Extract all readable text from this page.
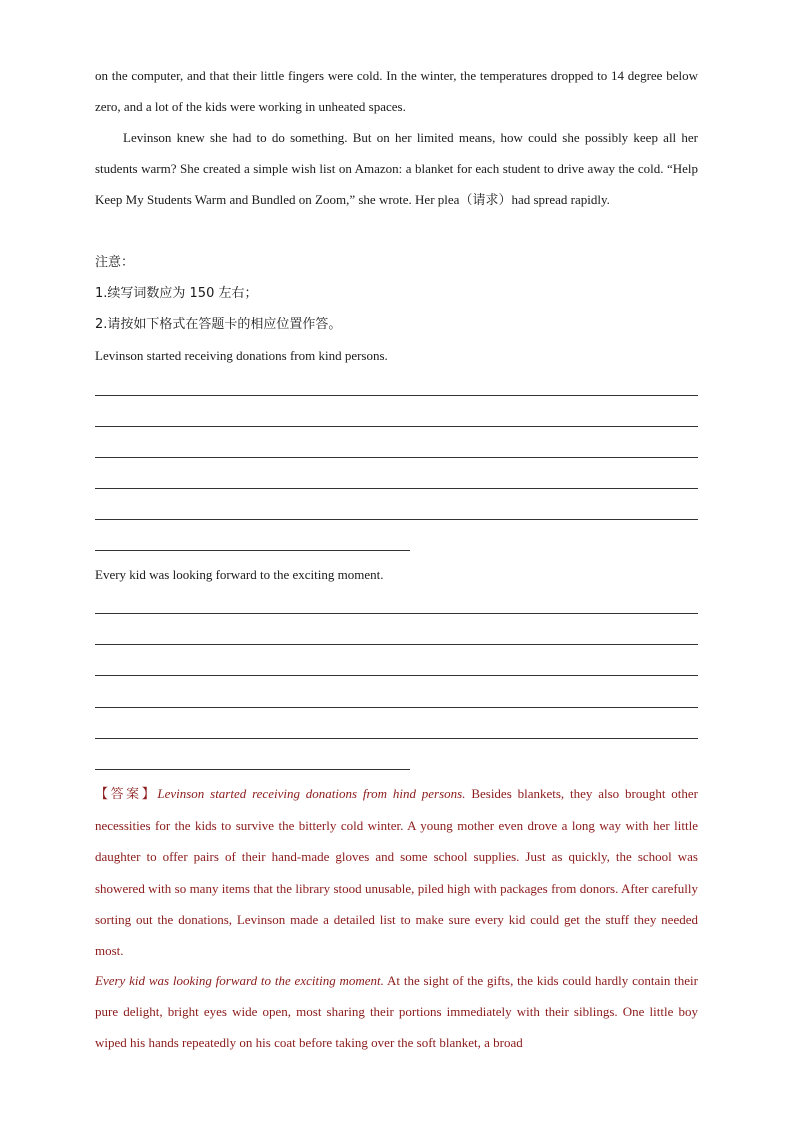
on the computer, and that their little fingers were cold. In the winter, the temperatures dropped to 14 degree below zero, and a lot of the kids were working in unheated spaces.

Levinson knew she had to do something. But on her limited means, how could she possibly keep all her students warm? She created a simple wish list on Amazon: a blanket for each student to drive away the cold. “Help Keep My Students Warm and Bundled on Zoom,” she wrote. Her plea（请求）had spread rapidly.

注意：

1.续写词数应为 150 左右；

2.请按如下格式在答题卡的相应位置作答。

Levinson started receiving donations from kind persons.

Every kid was looking forward to the exciting moment.

【答案】Levinson started receiving donations from hind persons. Besides blankets, they also brought other necessities for the kids to survive the bitterly cold winter. A young mother even drove a long way with her little daughter to offer pairs of their hand-made gloves and some school supplies. Just as quickly, the school was showered with so many items that the library stood unusable, piled high with packages from donors. After carefully sorting out the donations, Levinson made a detailed list to make sure every kid could get the stuff they needed most.

Every kid was looking forward to the exciting moment. At the sight of the gifts, the kids could hardly contain their pure delight, bright eyes wide open, most sharing their portions immediately with their siblings. One little boy wiped his hands repeatedly on his coat before taking over the soft blanket, a broad
